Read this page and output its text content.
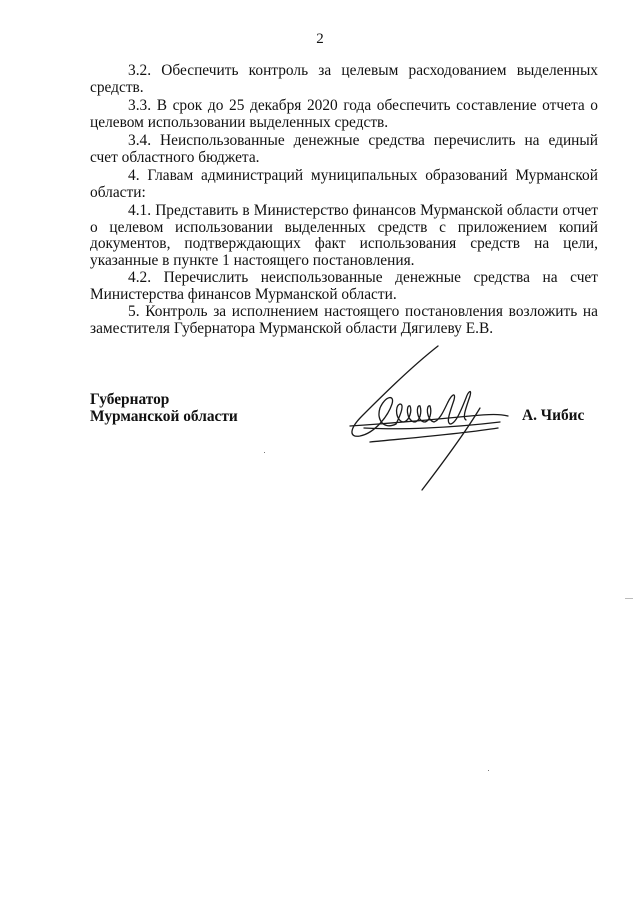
2

3.2. Обеспечить контроль за целевым расходованием выделенных средств.

3.3. В срок до 25 декабря 2020 года обеспечить составление отчета о целевом использовании выделенных средств.

3.4. Неиспользованные денежные средства перечислить на единый счет областного бюджета.

4. Главам администраций муниципальных образований Мурманской области:

4.1. Представить в Министерство финансов Мурманской области отчет о целевом использовании выделенных средств с приложением копий документов, подтверждающих факт использования средств на цели, указанные в пункте 1 настоящего постановления.

4.2. Перечислить неиспользованные денежные средства на счет Министерства финансов Мурманской области.

5. Контроль за исполнением настоящего постановления возложить на заместителя Губернатора Мурманской области Дягилеву Е.В.

Губернатор
Мурманской области	А. Чибис
